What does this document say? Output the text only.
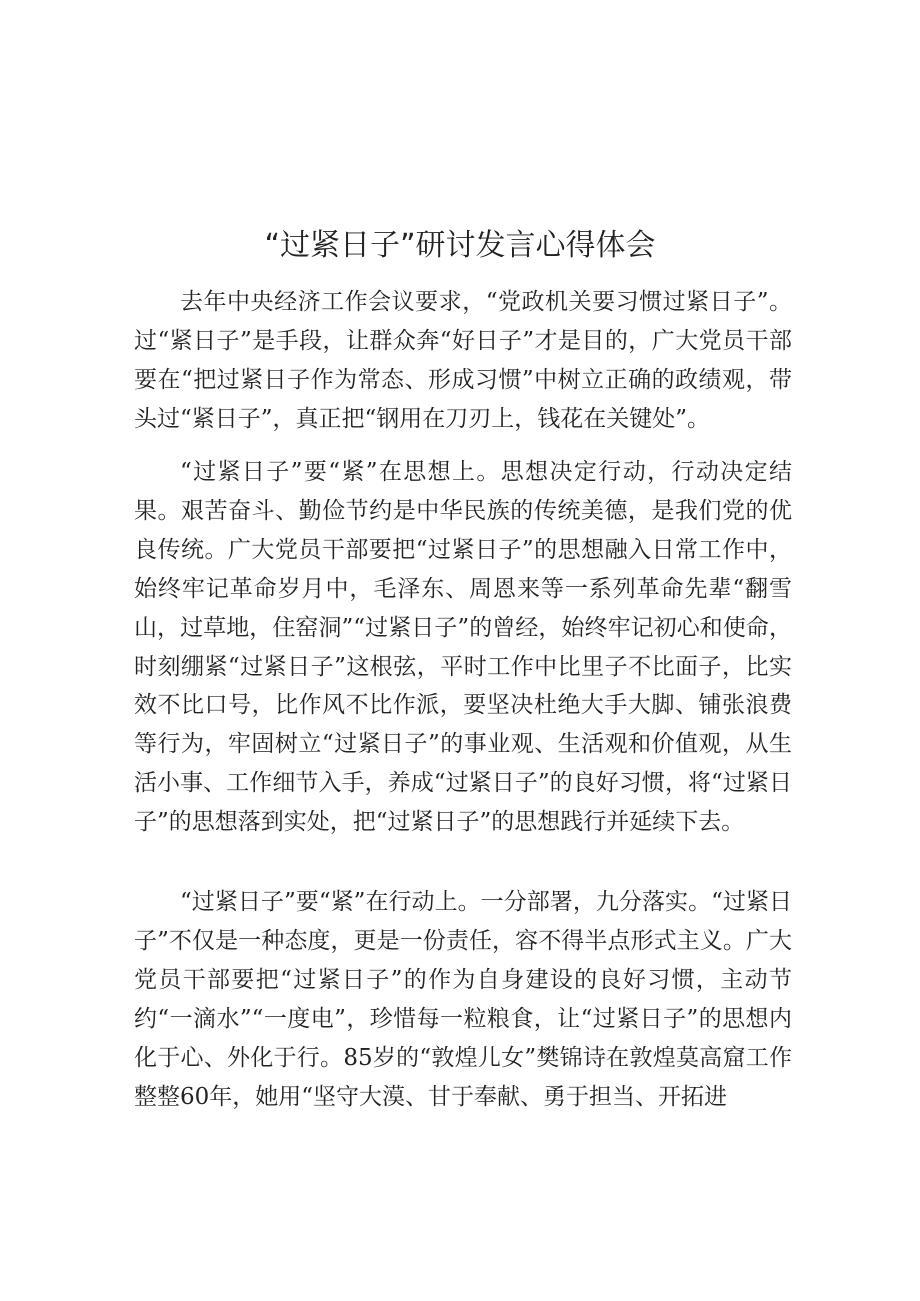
“过紧日子”研讨发言心得体会

去年中央经济工作会议要求，“党政机关要习惯过紧日子”。过“紧日子”是手段，让群众奔“好日子”才是目的，广大党员干部要在“把过紧日子作为常态、形成习惯”中树立正确的政绩观，带头过“紧日子”，真正把“钢用在刀刃上，钱花在关键处”。

“过紧日子”要“紧”在思想上。思想决定行动，行动决定结果。艰苦奋斗、勤俭节约是中华民族的传统美德，是我们党的优良传统。广大党员干部要把“过紧日子”的思想融入日常工作中，始终牢记革命岁月中，毛泽东、周恩来等一系列革命先辈“翻雪山，过草地，住窑洞”“过紧日子”的曾经，始终牢记初心和使命，时刻绷紧“过紧日子”这根弦，平时工作中比里子不比面子，比实效不比口号，比作风不比作派，要坚决杜绝大手大脚、铺张浪费等行为，牢固树立“过紧日子”的事业观、生活观和价值观，从生活小事、工作细节入手，养成“过紧日子”的良好习惯，将“过紧日子”的思想落到实处，把“过紧日子”的思想践行并延续下去。

“过紧日子”要“紧”在行动上。一分部署，九分落实。“过紧日子”不仅是一种态度，更是一份责任，容不得半点形式主义。广大党员干部要把“过紧日子”的作为自身建设的良好习惯，主动节约“一滴水”“一度电”，珍惜每一粒粮食，让“过紧日子”的思想内化于心、外化于行。85岁的“敦煌儿女”樊锦诗在敦煌莫高窟工作整整60年，她用“坚守大漠、甘于奉献、勇于担当、开拓进
